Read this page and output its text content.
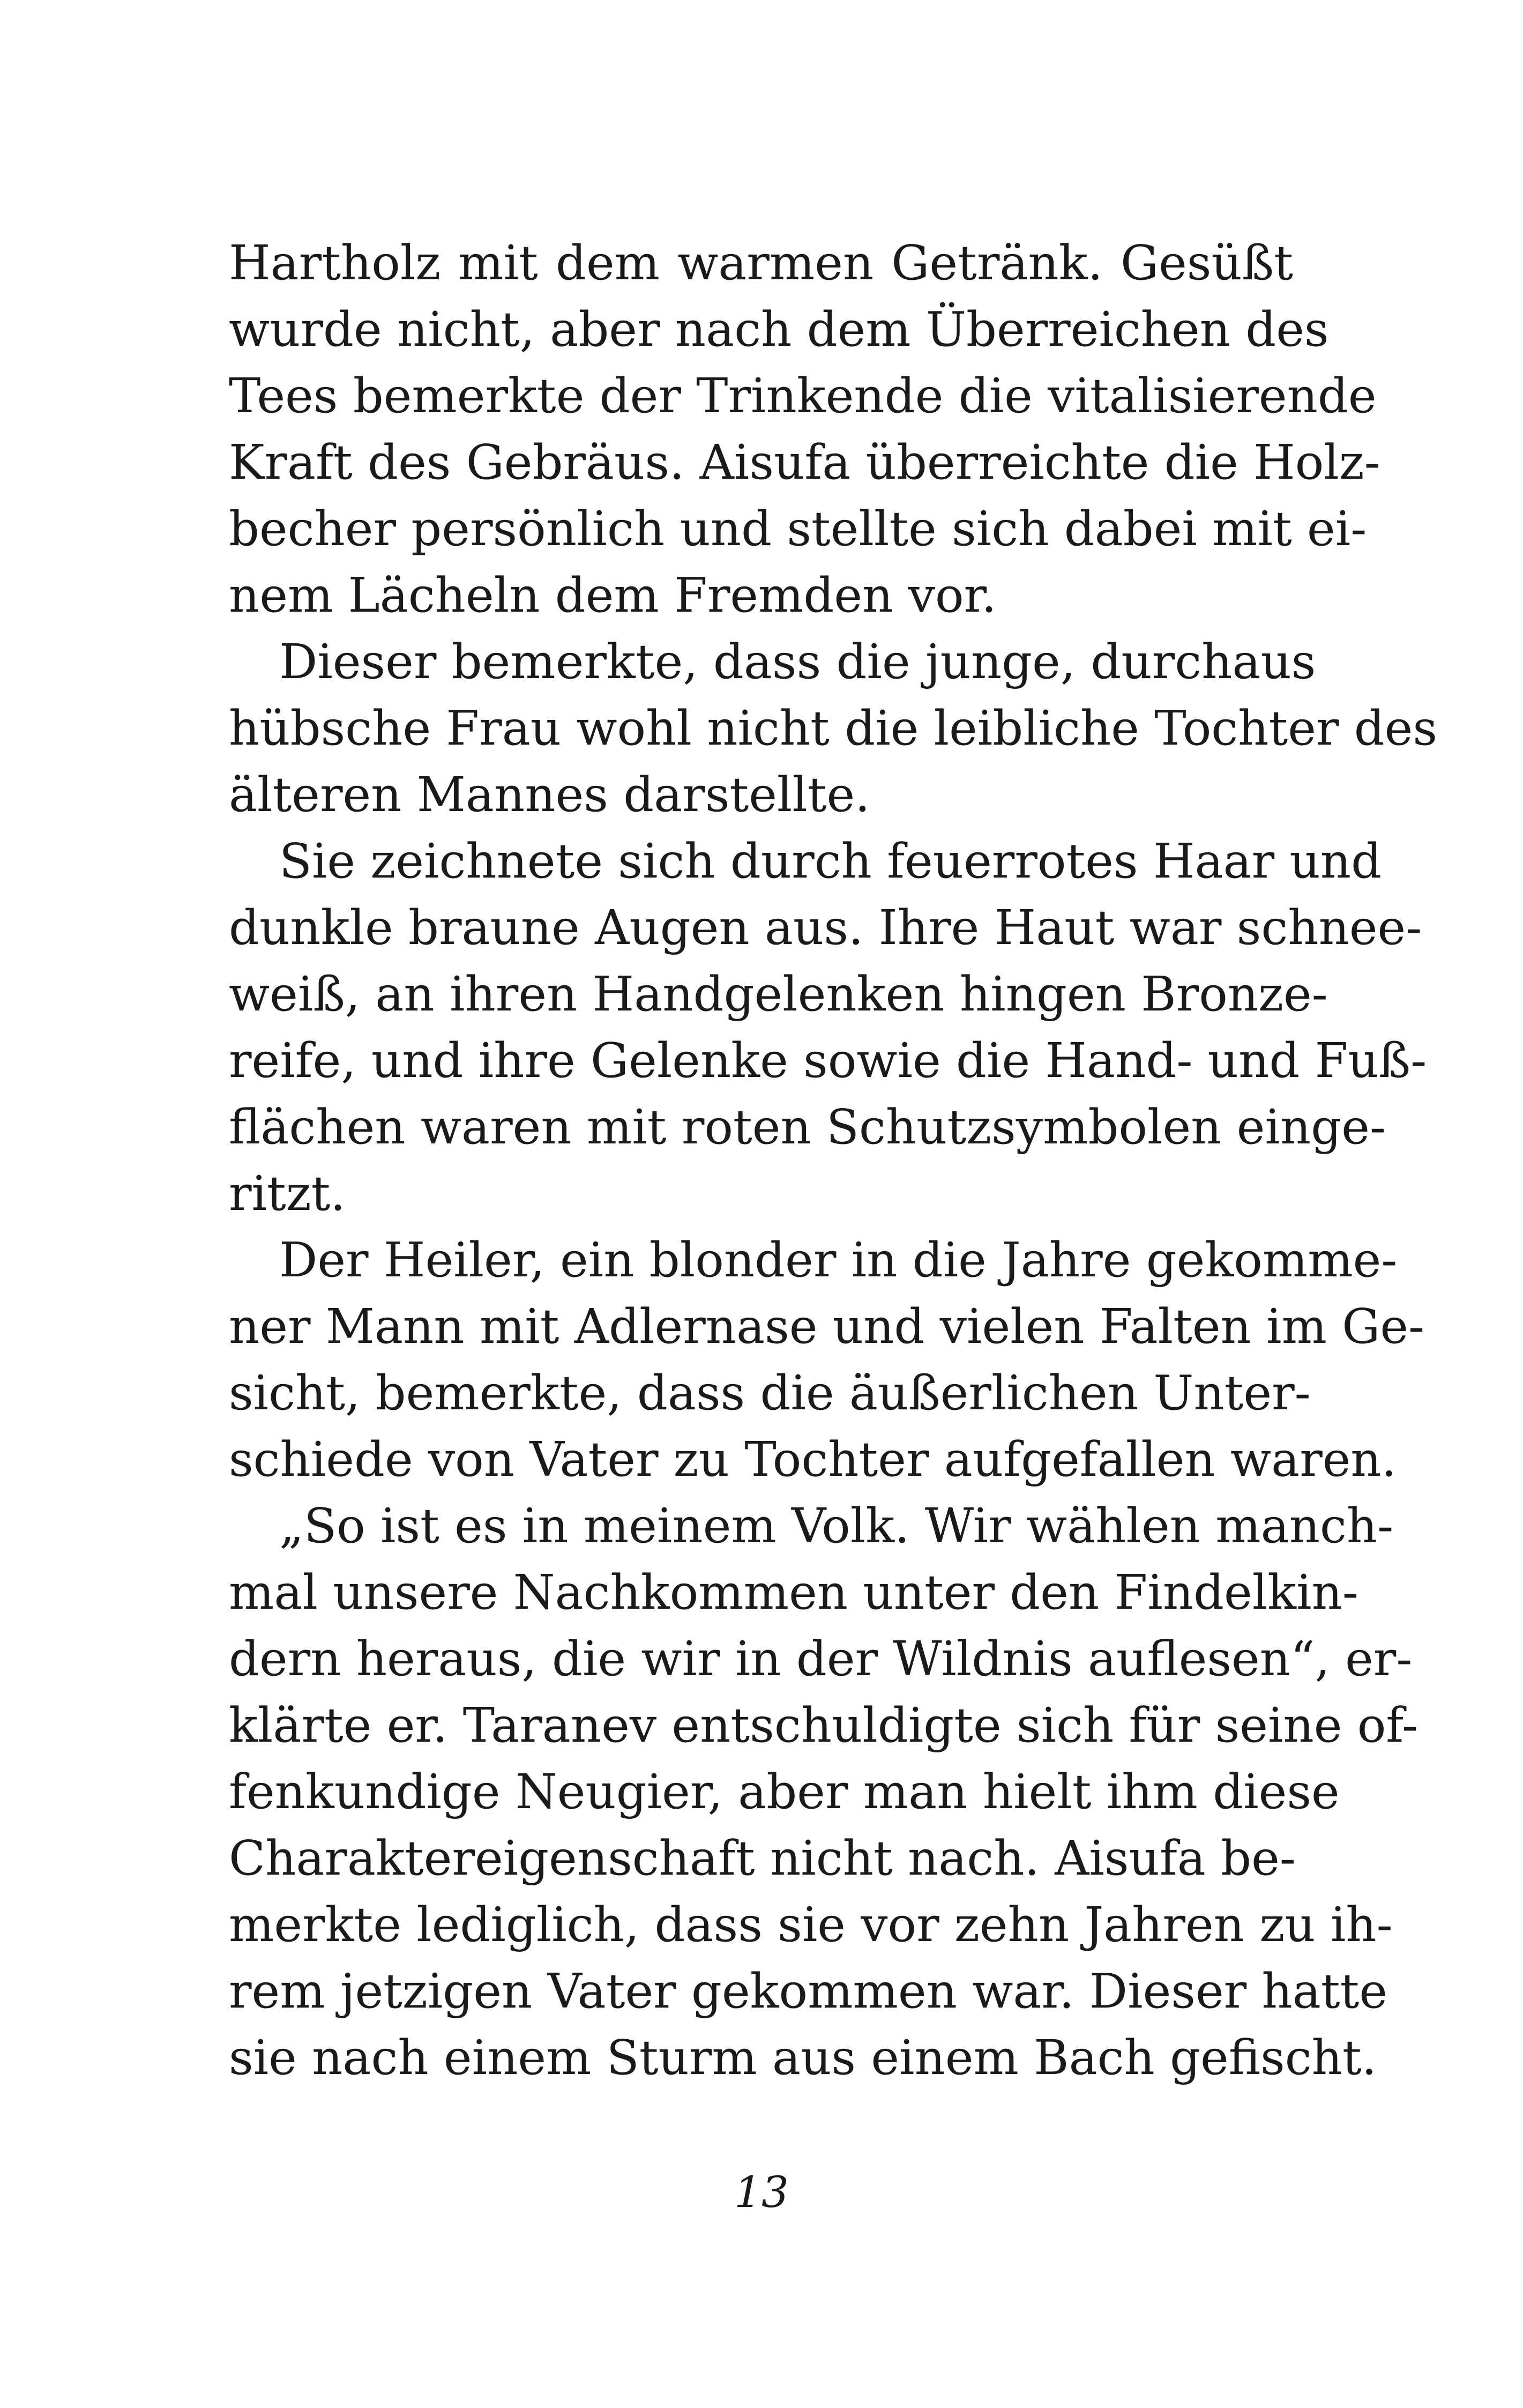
Hartholz mit dem warmen Getränk. Gesüßt
wurde nicht, aber nach dem Überreichen des
Tees bemerkte der Trinkende die vitalisierende
Kraft des Gebräus. Aisufa überreichte die Holz-
becher persönlich und stellte sich dabei mit ei-
nem Lächeln dem Fremden vor.
Dieser bemerkte, dass die junge, durchaus
hübsche Frau wohl nicht die leibliche Tochter des
älteren Mannes darstellte.
Sie zeichnete sich durch feuerrotes Haar und
dunkle braune Augen aus. Ihre Haut war schnee-
weiß, an ihren Handgelenken hingen Bronze-
reife, und ihre Gelenke sowie die Hand- und Fuß-
flächen waren mit roten Schutzsymbolen einge-
ritzt.
Der Heiler, ein blonder in die Jahre gekomme-
ner Mann mit Adlernase und vielen Falten im Ge-
sicht, bemerkte, dass die äußerlichen Unter-
schiede von Vater zu Tochter aufgefallen waren.
„So ist es in meinem Volk. Wir wählen manch-
mal unsere Nachkommen unter den Findelkin-
dern heraus, die wir in der Wildnis auflesen“, er-
klärte er. Taranev entschuldigte sich für seine of-
fenkundige Neugier, aber man hielt ihm diese
Charaktereigenschaft nicht nach. Aisufa be-
merkte lediglich, dass sie vor zehn Jahren zu ih-
rem jetzigen Vater gekommen war. Dieser hatte
sie nach einem Sturm aus einem Bach gefischt.
13
